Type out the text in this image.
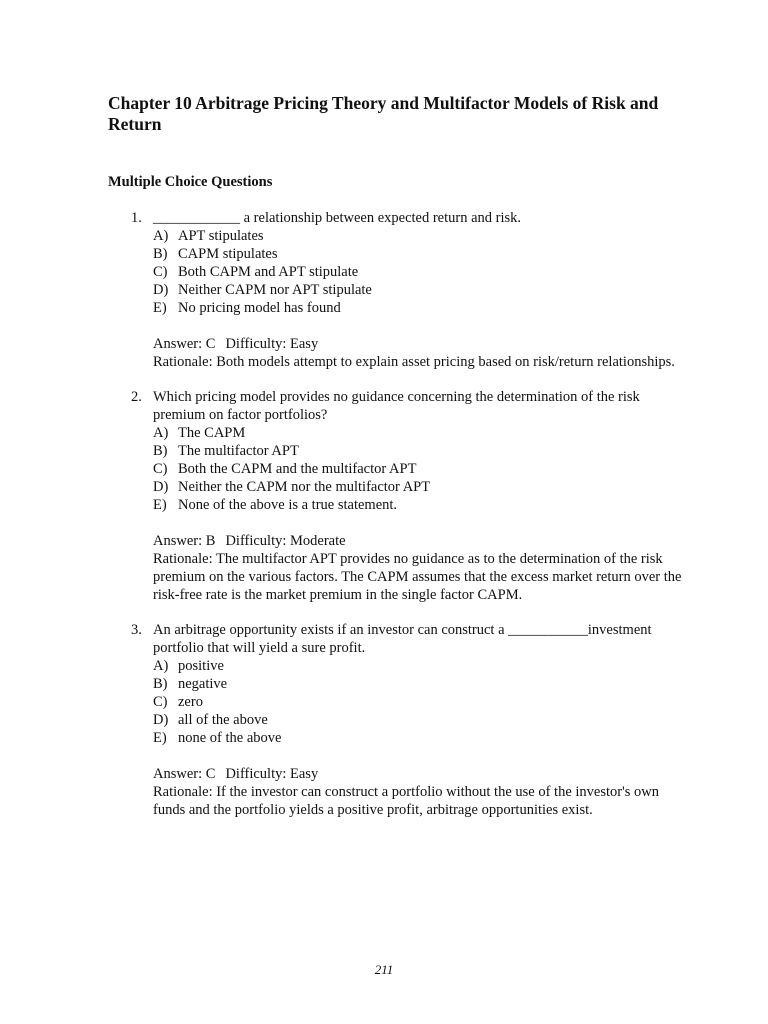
Chapter 10 Arbitrage Pricing Theory and Multifactor Models of Risk and Return
Multiple Choice Questions
1. ____________ a relationship between expected return and risk.
A) APT stipulates
B) CAPM stipulates
C) Both CAPM and APT stipulate
D) Neither CAPM nor APT stipulate
E) No pricing model has found
Answer: C Difficulty: Easy
Rationale: Both models attempt to explain asset pricing based on risk/return relationships.
2. Which pricing model provides no guidance concerning the determination of the risk premium on factor portfolios?
A) The CAPM
B) The multifactor APT
C) Both the CAPM and the multifactor APT
D) Neither the CAPM nor the multifactor APT
E) None of the above is a true statement.
Answer: B Difficulty: Moderate
Rationale: The multifactor APT provides no guidance as to the determination of the risk premium on the various factors. The CAPM assumes that the excess market return over the risk-free rate is the market premium in the single factor CAPM.
3. An arbitrage opportunity exists if an investor can construct a ___________investment portfolio that will yield a sure profit.
A) positive
B) negative
C) zero
D) all of the above
E) none of the above
Answer: C Difficulty: Easy
Rationale: If the investor can construct a portfolio without the use of the investor's own funds and the portfolio yields a positive profit, arbitrage opportunities exist.
211
